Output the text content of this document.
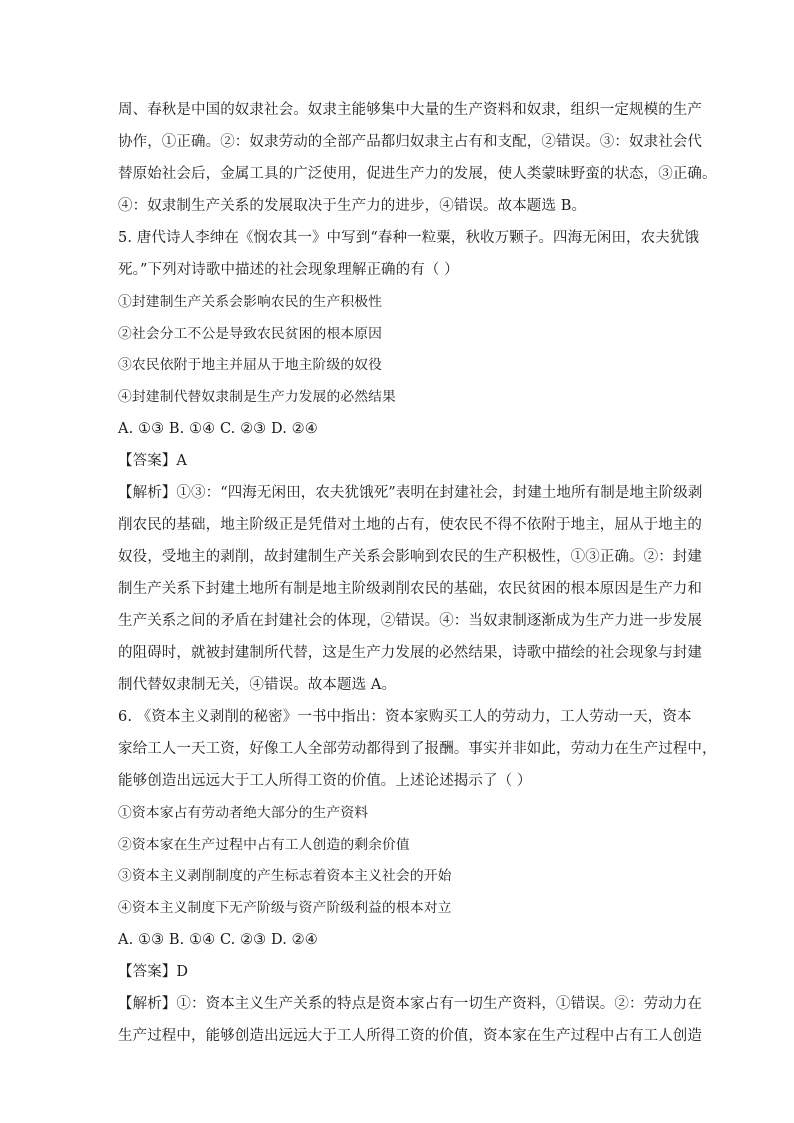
周、春秋是中国的奴隶社会。奴隶主能够集中大量的生产资料和奴隶，组织一定规模的生产
协作，①正确。②：奴隶劳动的全部产品都归奴隶主占有和支配，②错误。③：奴隶社会代
替原始社会后，金属工具的广泛使用，促进生产力的发展，使人类蒙昧野蛮的状态，③正确。
④：奴隶制生产关系的发展取决于生产力的进步，④错误。故本题选 B。
5. 唐代诗人李绅在《悯农其一》中写到“春种一粒粟，秋收万颗子。四海无闲田，农夫犹饿
死。”下列对诗歌中描述的社会现象理解正确的有（ ）
①封建制生产关系会影响农民的生产积极性
②社会分工不公是导致农民贫困的根本原因
③农民依附于地主并屈从于地主阶级的奴役
④封建制代替奴隶制是生产力发展的必然结果
A. ①③ B. ①④ C. ②③ D. ②④
【答案】A
【解析】①③：“四海无闲田，农夫犹饿死”表明在封建社会，封建土地所有制是地主阶级剥
削农民的基础，地主阶级正是凭借对土地的占有，使农民不得不依附于地主，屈从于地主的
奴役，受地主的剥削，故封建制生产关系会影响到农民的生产积极性，①③正确。②：封建
制生产关系下封建土地所有制是地主阶级剥削农民的基础，农民贫困的根本原因是生产力和
生产关系之间的矛盾在封建社会的体现，②错误。④：当奴隶制逐渐成为生产力进一步发展
的阻碍时，就被封建制所代替，这是生产力发展的必然结果，诗歌中描绘的社会现象与封建
制代替奴隶制无关，④错误。故本题选 A。
6. 《资本主义剥削的秘密》一书中指出：资本家购买工人的劳动力，工人劳动一天，资本
家给工人一天工资，好像工人全部劳动都得到了报酬。事实并非如此，劳动力在生产过程中，
能够创造出远远大于工人所得工资的价值。上述论述揭示了（ ）
①资本家占有劳动者绝大部分的生产资料
②资本家在生产过程中占有工人创造的剩余价值
③资本主义剥削制度的产生标志着资本主义社会的开始
④资本主义制度下无产阶级与资产阶级利益的根本对立
A. ①③ B. ①④ C. ②③ D. ②④
【答案】D
【解析】①：资本主义生产关系的特点是资本家占有一切生产资料，①错误。②：劳动力在
生产过程中，能够创造出远远大于工人所得工资的价值，资本家在生产过程中占有工人创造
